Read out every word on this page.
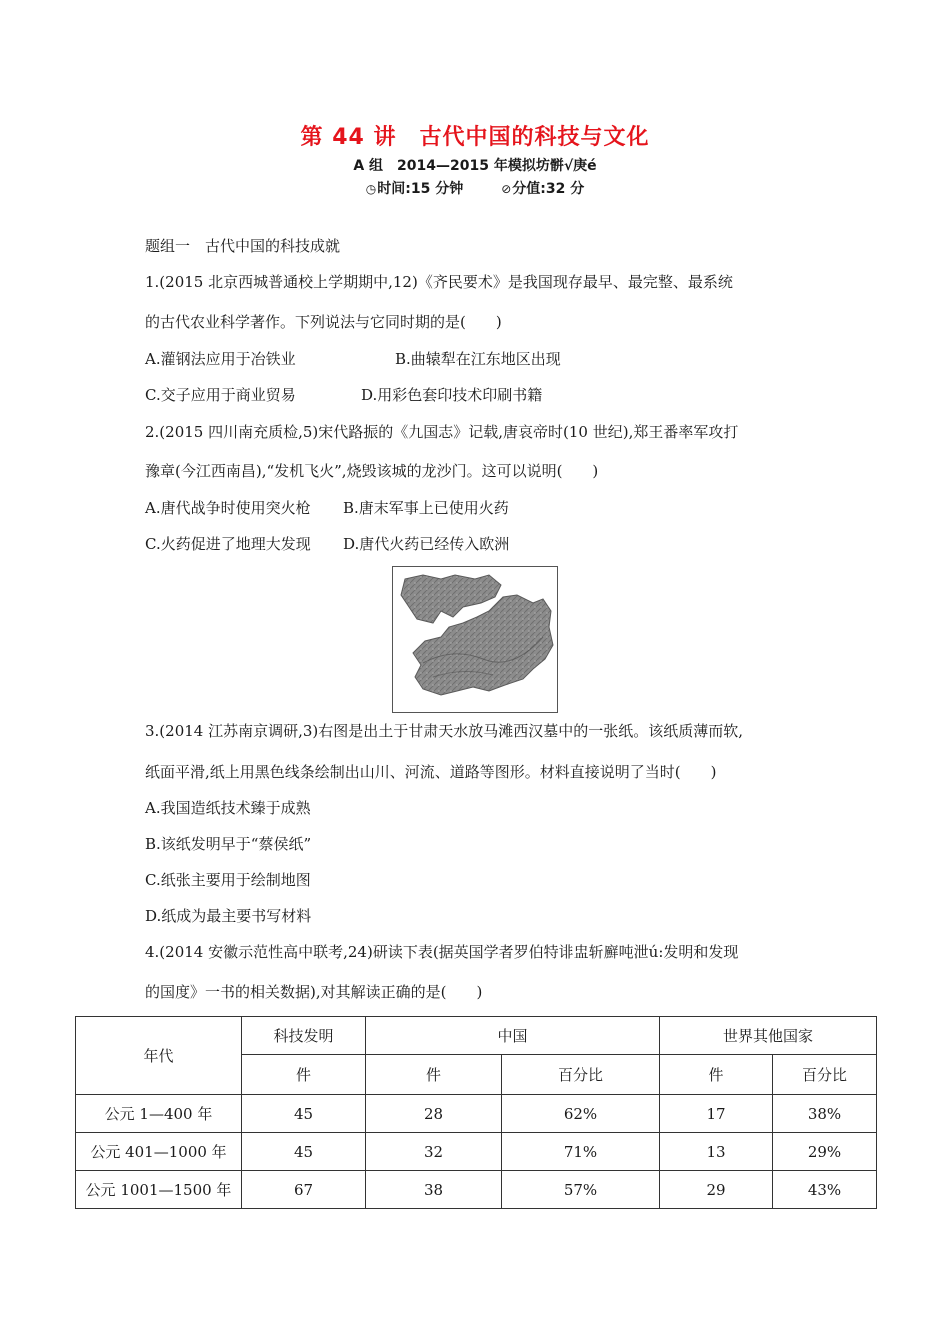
第 44 讲　古代中国的科技与文化
A 组　2014—2015 年模拟坊骿√庚é
◷时间:15 分钟	⊘分值:32 分
题组一　古代中国的科技成就
1.(2015 北京西城普通校上学期期中,12)《齐民要术》是我国现存最早、最完整、最系统
的古代农业科学著作。下列说法与它同时期的是(　　)
A.灌钢法应用于冶铁业	B.曲辕犁在江东地区出现
C.交子应用于商业贸易	D.用彩色套印技术印刷书籍
2.(2015 四川南充质检,5)宋代路振的《九国志》记载,唐哀帝时(10 世纪),郑王番率军攻打
豫章(今江西南昌),“发机飞火”,烧毁该城的龙沙门。这可以说明(　　)
A.唐代战争时使用突火枪 B.唐末军事上已使用火药
C.火药促进了地理大发现 D.唐代火药已经传入欧洲
3.(2014 江苏南京调研,3)右图是出土于甘肃天水放马滩西汉墓中的一张纸。该纸质薄而软,
纸面平滑,纸上用黑色线条绘制出山川、河流、道路等图形。材料直接说明了当时(　　)
A.我国造纸技术臻于成熟
B.该纸发明早于“蔡侯纸”
C.纸张主要用于绘制地图
D.纸成为最主要书写材料
4.(2014 安徽示范性高中联考,24)研读下表(据英国学者罗伯特诽盅斩廯吨泄ú:发明和发现
的国度》一书的相关数据),对其解读正确的是(　　)
年代	科技发明	中国		世界其他国家	
	件	件	百分比	件	百分比
公元 1—400 年	45	28	62%	17	38%
公元 401—1000 年	45	32	71%	13	29%
公元 1001—1500 年	67	38	57%	29	43%
